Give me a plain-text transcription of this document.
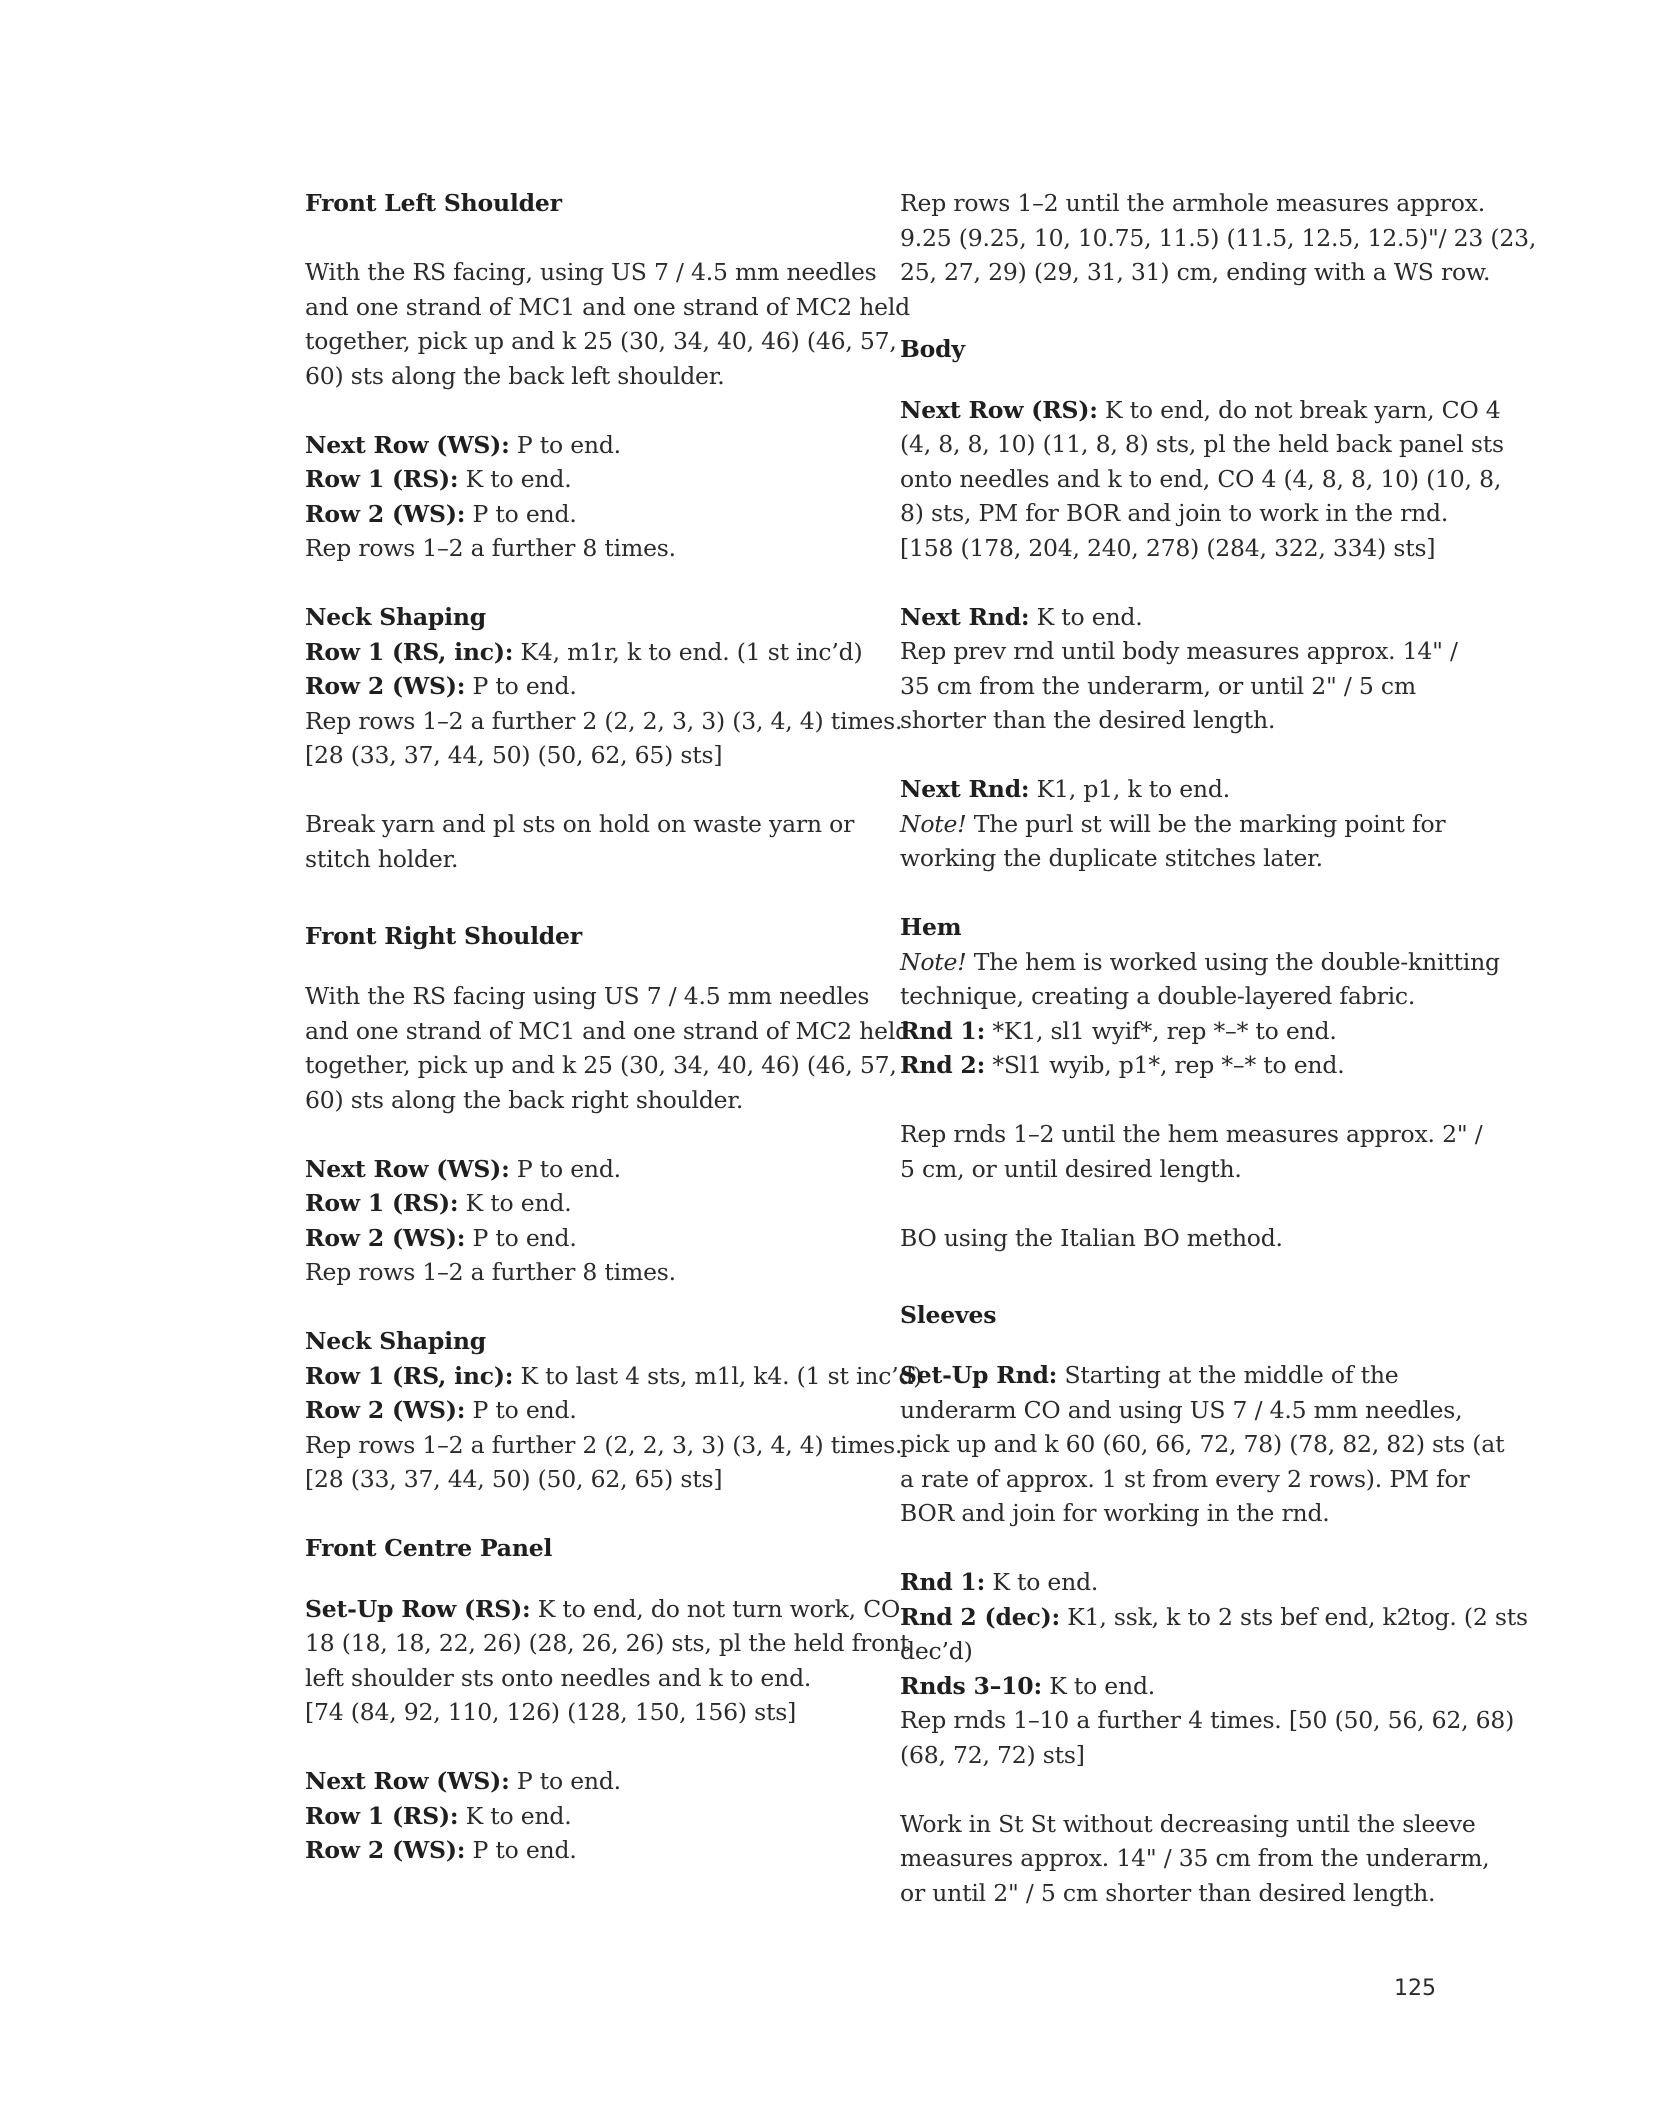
Front Left Shoulder
With the RS facing, using US 7 / 4.5 mm needles
and one strand of MC1 and one strand of MC2 held
together, pick up and k 25 (30, 34, 40, 46) (46, 57,
60) sts along the back left shoulder.
Next Row (WS): P to end.
Row 1 (RS): K to end.
Row 2 (WS): P to end.
Rep rows 1–2 a further 8 times.
Neck Shaping
Row 1 (RS, inc): K4, m1r, k to end. (1 st inc’d)
Row 2 (WS): P to end.
Rep rows 1–2 a further 2 (2, 2, 3, 3) (3, 4, 4) times.
[28 (33, 37, 44, 50) (50, 62, 65) sts]
Break yarn and pl sts on hold on waste yarn or
stitch holder.
Front Right Shoulder
With the RS facing using US 7 / 4.5 mm needles
and one strand of MC1 and one strand of MC2 held
together, pick up and k 25 (30, 34, 40, 46) (46, 57,
60) sts along the back right shoulder.
Next Row (WS): P to end.
Row 1 (RS): K to end.
Row 2 (WS): P to end.
Rep rows 1–2 a further 8 times.
Neck Shaping
Row 1 (RS, inc): K to last 4 sts, m1l, k4. (1 st inc’d)
Row 2 (WS): P to end.
Rep rows 1–2 a further 2 (2, 2, 3, 3) (3, 4, 4) times.
[28 (33, 37, 44, 50) (50, 62, 65) sts]
Front Centre Panel
Set-Up Row (RS): K to end, do not turn work, CO
18 (18, 18, 22, 26) (28, 26, 26) sts, pl the held front
left shoulder sts onto needles and k to end.
[74 (84, 92, 110, 126) (128, 150, 156) sts]
Next Row (WS): P to end.
Row 1 (RS): K to end.
Row 2 (WS): P to end.
Rep rows 1–2 until the armhole measures approx.
9.25 (9.25, 10, 10.75, 11.5) (11.5, 12.5, 12.5)"/ 23 (23,
25, 27, 29) (29, 31, 31) cm, ending with a WS row.
Body
Next Row (RS): K to end, do not break yarn, CO 4
(4, 8, 8, 10) (11, 8, 8) sts, pl the held back panel sts
onto needles and k to end, CO 4 (4, 8, 8, 10) (10, 8,
8) sts, PM for BOR and join to work in the rnd.
[158 (178, 204, 240, 278) (284, 322, 334) sts]
Next Rnd: K to end.
Rep prev rnd until body measures approx. 14" /
35 cm from the underarm, or until 2" / 5 cm
shorter than the desired length.
Next Rnd: K1, p1, k to end.
Note! The purl st will be the marking point for
working the duplicate stitches later.
Hem
Note! The hem is worked using the double-knitting
technique, creating a double-layered fabric.
Rnd 1: *K1, sl1 wyif*, rep *–* to end.
Rnd 2: *Sl1 wyib, p1*, rep *–* to end.
Rep rnds 1–2 until the hem measures approx. 2" /
5 cm, or until desired length.
BO using the Italian BO method.
Sleeves
Set-Up Rnd: Starting at the middle of the
underarm CO and using US 7 / 4.5 mm needles,
pick up and k 60 (60, 66, 72, 78) (78, 82, 82) sts (at
a rate of approx. 1 st from every 2 rows). PM for
BOR and join for working in the rnd.
Rnd 1: K to end.
Rnd 2 (dec): K1, ssk, k to 2 sts bef end, k2tog. (2 sts
dec’d)
Rnds 3–10: K to end.
Rep rnds 1–10 a further 4 times. [50 (50, 56, 62, 68)
(68, 72, 72) sts]
Work in St St without decreasing until the sleeve
measures approx. 14" / 35 cm from the underarm,
or until 2" / 5 cm shorter than desired length.
125
